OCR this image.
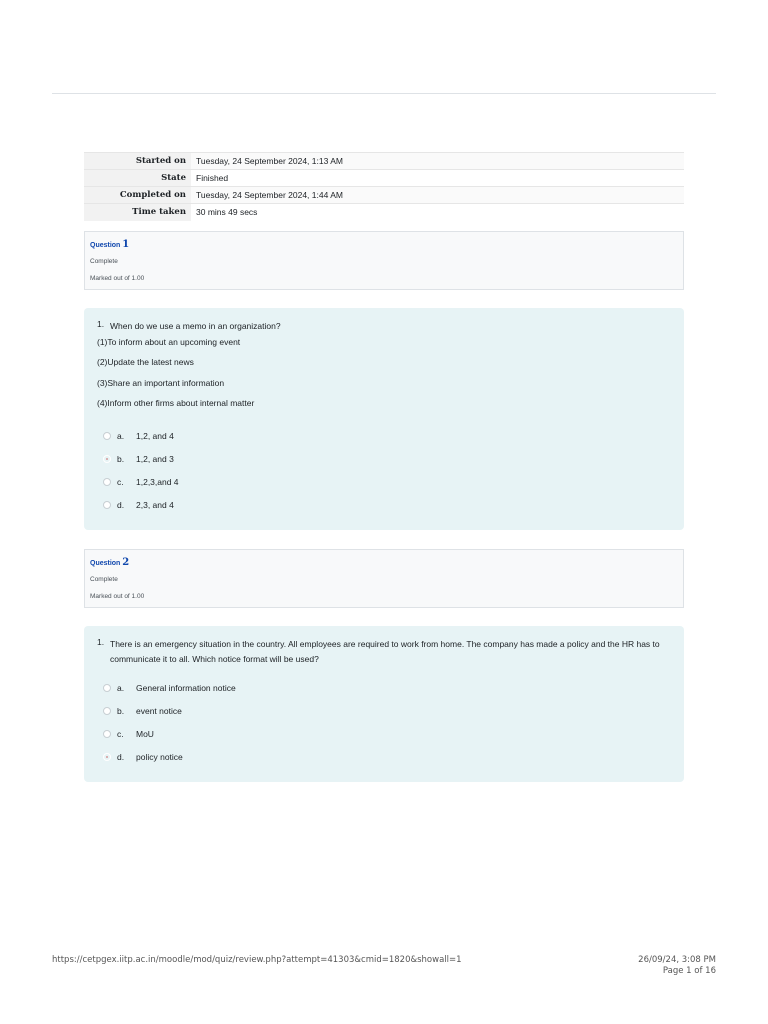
Started on	Tuesday, 24 September 2024, 1:13 AM
State	Finished
Completed on	Tuesday, 24 September 2024, 1:44 AM
Time taken	30 mins 49 secs
Question 1
Complete
Marked out of 1.00
1. When do we use a memo in an organization?
(1)To inform about an upcoming event
(2)Update the latest news
(3)Share an important information
(4)Inform other firms about internal matter
a. 1,2, and 4
b. 1,2, and 3
c. 1,2,3,and 4
d. 2,3, and 4
Question 2
Complete
Marked out of 1.00
1. There is an emergency situation in the country. All employees are required to work from home. The company has made a policy and the HR has to communicate it to all. Which notice format will be used?
a. General information notice
b. event notice
c. MoU
d. policy notice
https://cetpgex.iitp.ac.in/moodle/mod/quiz/review.php?attempt=41303&cmid=1820&showall=1	26/09/24, 3:08 PM
Page 1 of 16
